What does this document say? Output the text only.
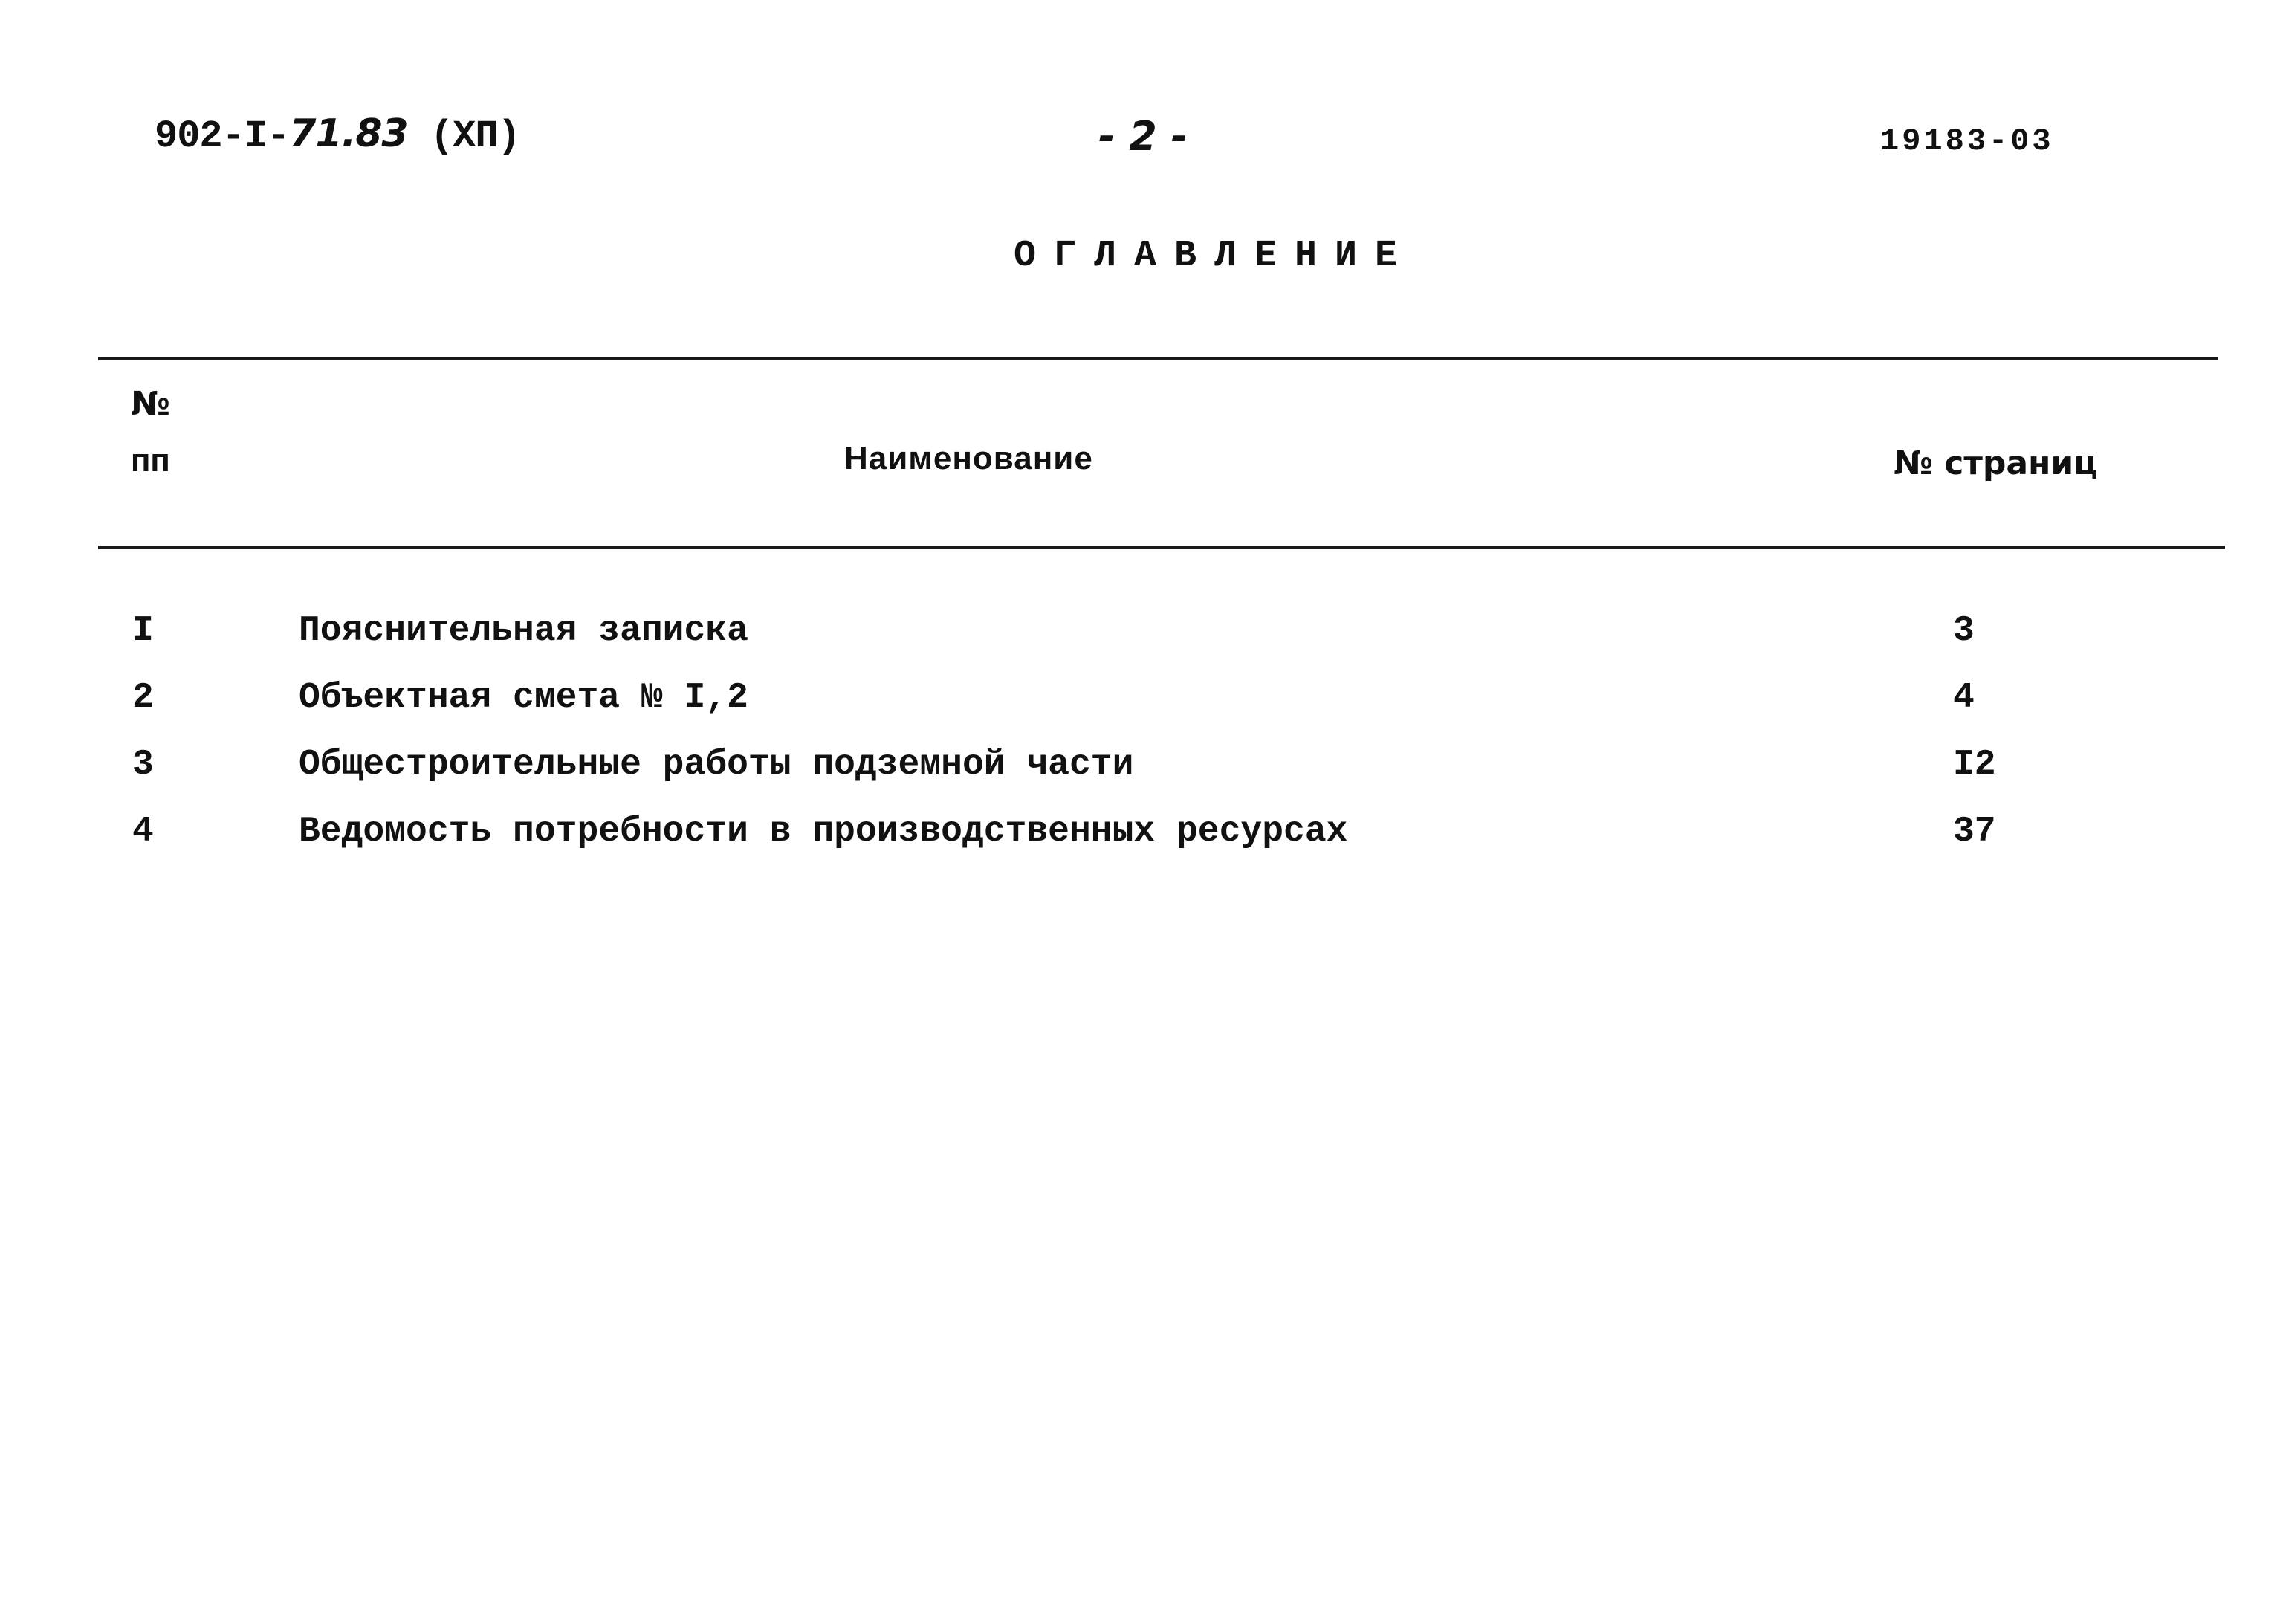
902-I-71.83 (XП)	- 2 -	19183-03
ОГЛАВЛЕНИЕ
№
пп	Наименование	№ страниц
I	Пояснительная записка	3
2	Объектная смета № I,2	4
3	Общестроительные работы подземной части	I2
4	Ведомость потребности в производственных ресурсах	37
